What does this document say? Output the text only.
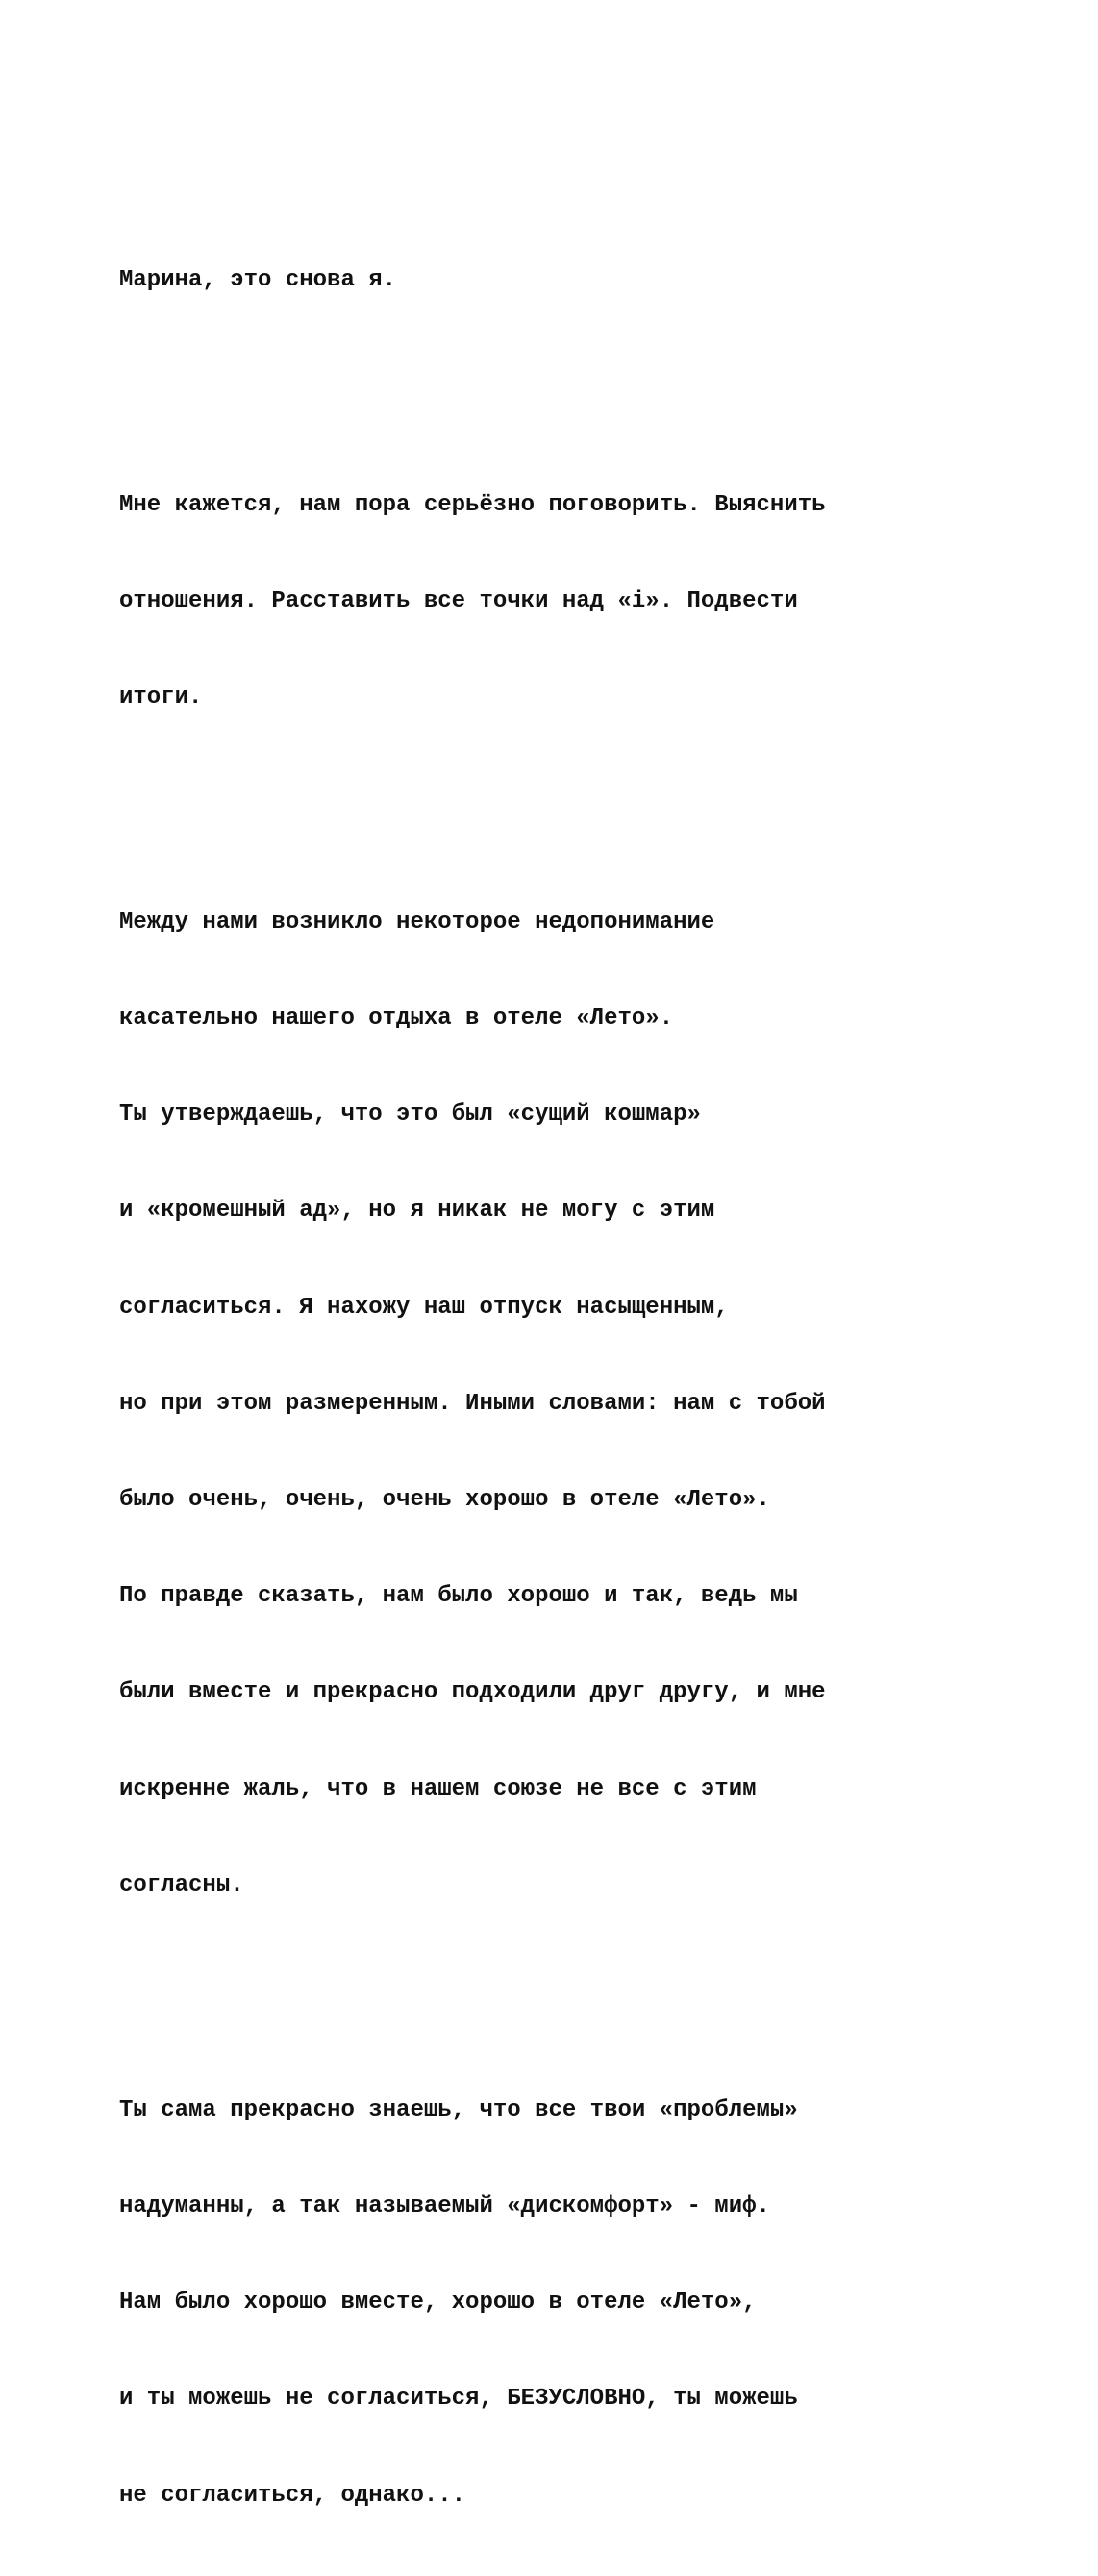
Марина, это снова я.

Мне кажется, нам пора серьёзно поговорить. Выяснить

отношения. Расставить все точки над «i». Подвести

итоги.

Между нами возникло некоторое недопонимание

касательно нашего отдыха в отеле «Лето».

Ты утверждаешь, что это был «сущий кошмар»

и «кромешный ад», но я никак не могу с этим

согласиться. Я нахожу наш отпуск насыщенным,

но при этом размеренным. Иными словами: нам с тобой

было очень, очень, очень хорошо в отеле «Лето».

По правде сказать, нам было хорошо и так, ведь мы

были вместе и прекрасно подходили друг другу, и мне

искренне жаль, что в нашем союзе не все с этим

согласны.

Ты сама прекрасно знаешь, что все твои «проблемы»

надуманны, а так называемый «дискомфорт» - миф.

Нам было хорошо вместе, хорошо в отеле «Лето»,

и ты можешь не согласиться, БЕЗУСЛОВНО, ты можешь

не согласиться, однако...
